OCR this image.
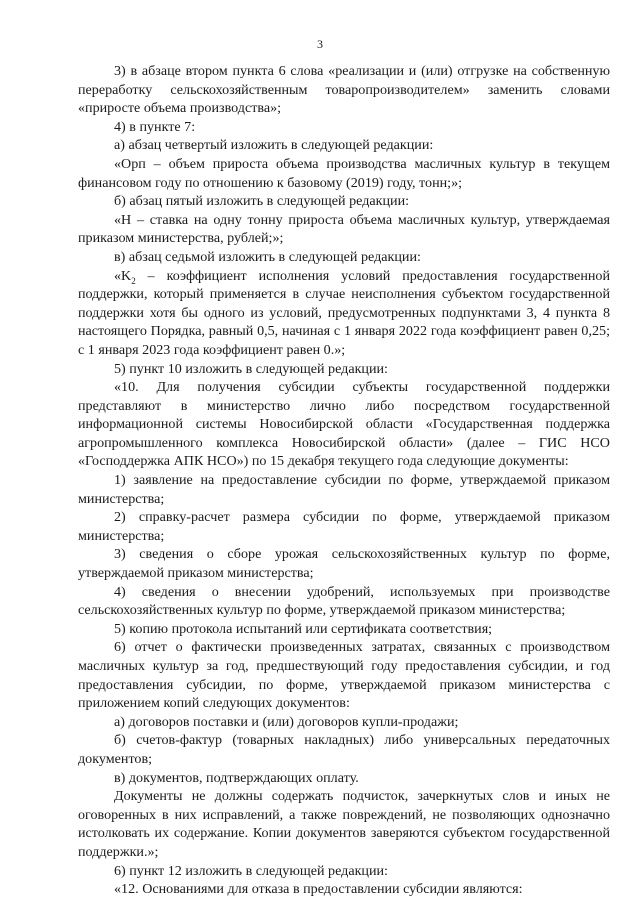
3

3) в абзаце втором пункта 6 слова «реализации и (или) отгрузке на собственную переработку сельскохозяйственным товаропроизводителем» заменить словами «приросте объема производства»;

4) в пункте 7:

а) абзац четвертый изложить в следующей редакции:

«Орп – объем прироста объема производства масличных культур в текущем финансовом году по отношению к базовому (2019) году, тонн;»;

б) абзац пятый изложить в следующей редакции:

«Н – ставка на одну тонну прироста объема масличных культур, утверждаемая приказом министерства, рублей;»;

в) абзац седьмой изложить в следующей редакции:

«$K_2$ – коэффициент исполнения условий предоставления государственной поддержки, который применяется в случае неисполнения субъектом государственной поддержки хотя бы одного из условий, предусмотренных подпунктами 3, 4 пункта 8 настоящего Порядка, равный 0,5, начиная с 1 января 2022 года коэффициент равен 0,25; с 1 января 2023 года коэффициент равен 0.»;

5) пункт 10 изложить в следующей редакции:

«10. Для получения субсидии субъекты государственной поддержки представляют в министерство лично либо посредством государственной информационной системы Новосибирской области «Государственная поддержка агропромышленного комплекса Новосибирской области» (далее – ГИС НСО «Господдержка АПК НСО») по 15 декабря текущего года следующие документы:

1) заявление на предоставление субсидии по форме, утверждаемой приказом министерства;

2) справку-расчет размера субсидии по форме, утверждаемой приказом министерства;

3) сведения о сборе урожая сельскохозяйственных культур по форме, утверждаемой приказом министерства;

4) сведения о внесении удобрений, используемых при производстве сельскохозяйственных культур по форме, утверждаемой приказом министерства;

5) копию протокола испытаний или сертификата соответствия;

6) отчет о фактически произведенных затратах, связанных с производством масличных культур за год, предшествующий году предоставления субсидии, и год предоставления субсидии, по форме, утверждаемой приказом министерства с приложением копий следующих документов:

а) договоров поставки и (или) договоров купли-продажи;

б) счетов-фактур (товарных накладных) либо универсальных передаточных документов;

в) документов, подтверждающих оплату.

Документы не должны содержать подчисток, зачеркнутых слов и иных не оговоренных в них исправлений, а также повреждений, не позволяющих однозначно истолковать их содержание. Копии документов заверяются субъектом государственной поддержки.»;

6) пункт 12 изложить в следующей редакции:

«12. Основаниями для отказа в предоставлении субсидии являются:
